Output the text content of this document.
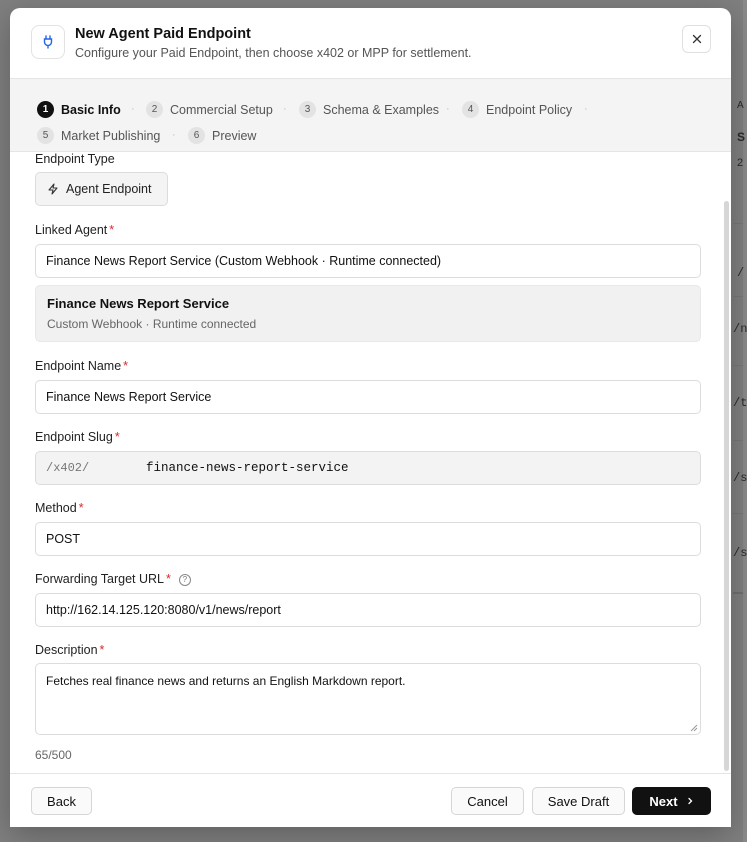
A
S
2
/
/n
/t
/s
/s
New Agent Paid Endpoint
Configure your Paid Endpoint, then choose x402 or MPP for settlement.
1	Basic Info ·	2	Commercial Setup ·	3	Schema & Examples ·	4	Endpoint Policy ·
5	Market Publishing ·	6	Preview
Endpoint Type
Agent Endpoint
Linked Agent *
Finance News Report Service (Custom Webhook · Runtime connected)
Finance News Report Service
Custom Webhook · Runtime connected
Endpoint Name *
Finance News Report Service
Endpoint Slug *
/x402/	finance-news-report-service
Method *
POST
Forwarding Target URL * ?
http://162.14.125.120:8080/v1/news/report
Description *
Fetches real finance news and returns an English Markdown report.
65/500
Back	Cancel	Save Draft	Next
